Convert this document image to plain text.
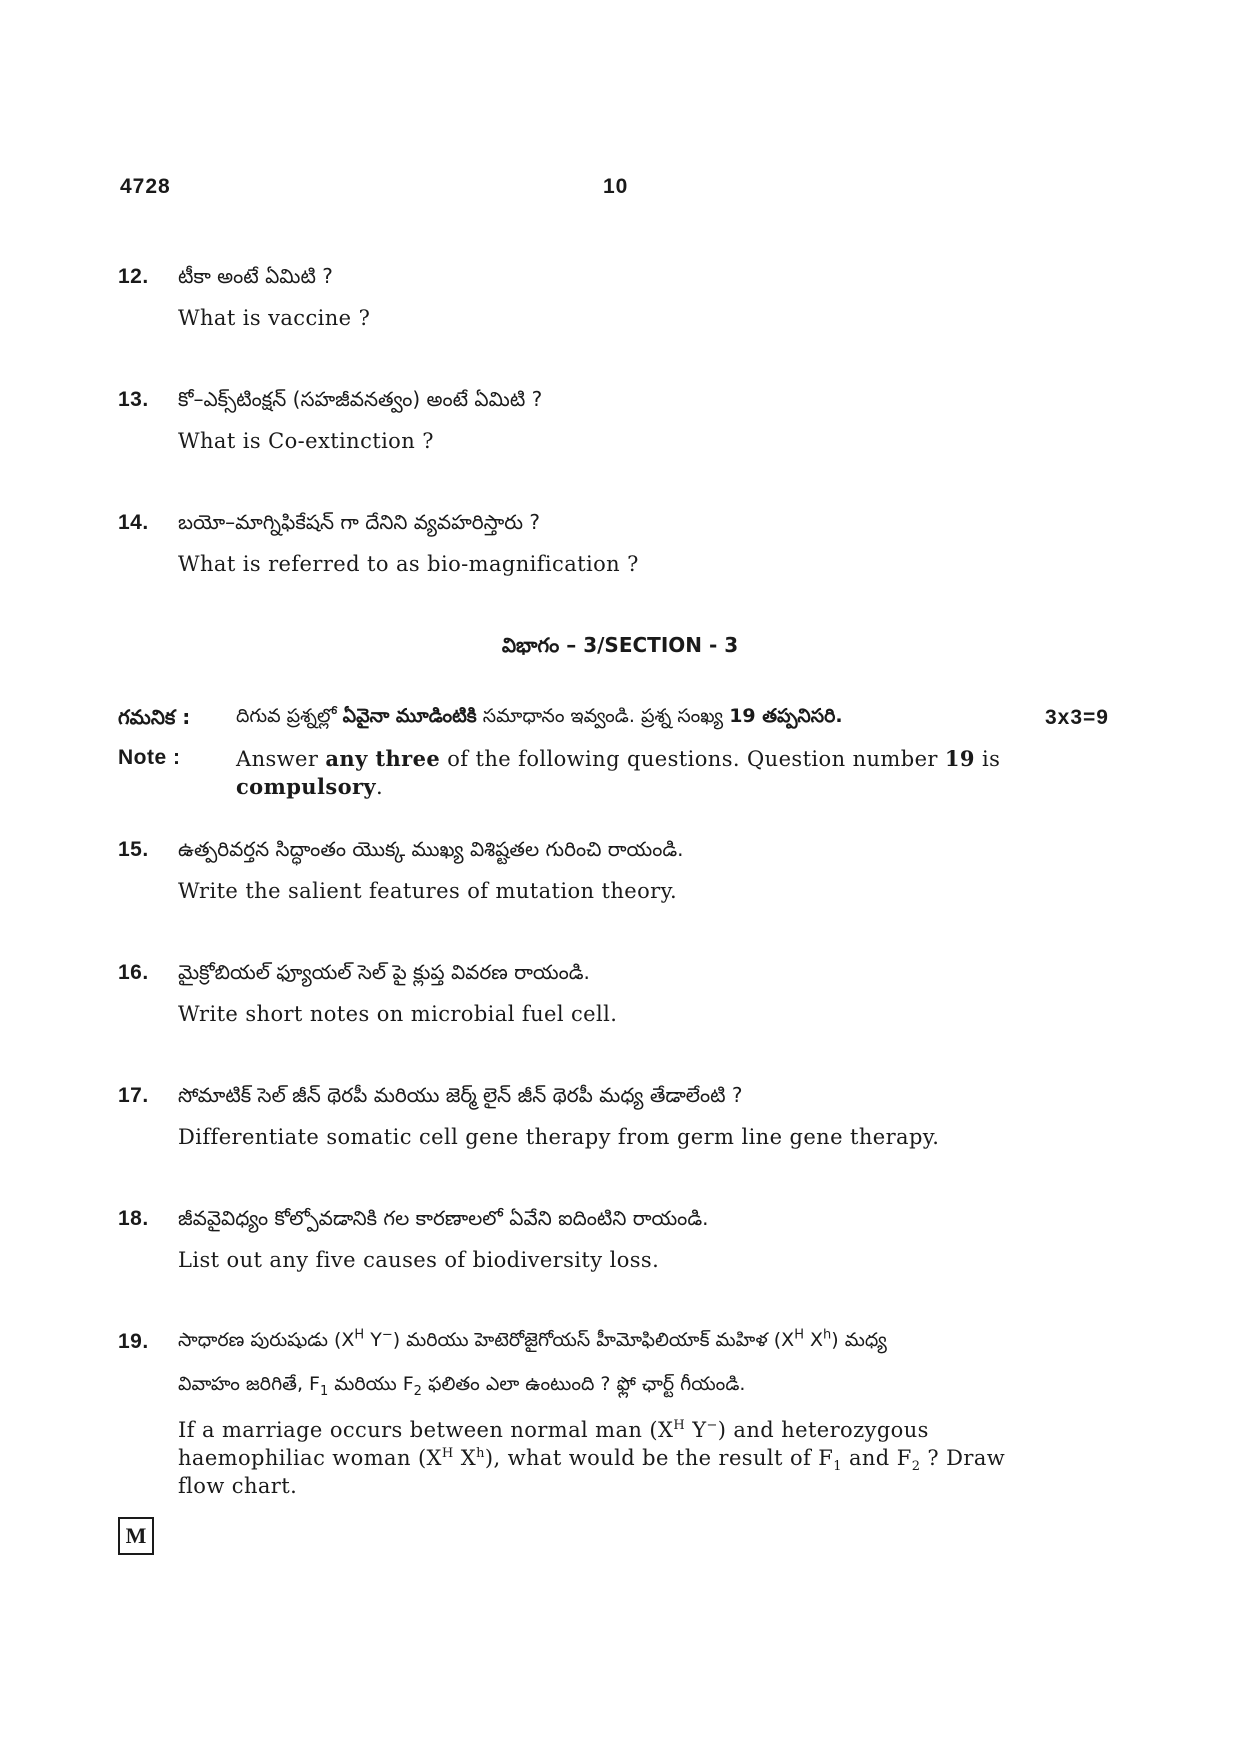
4728	10
12. టీకా అంటే ఏమిటి ?
What is vaccine ?
13. కో–ఎక్స్‌టింక్షన్ (సహజీవనత్వం) అంటే ఏమిటి ?
What is Co-extinction ?
14. బయో–మాగ్నిఫికేషన్ గా దేనిని వ్యవహరిస్తారు ?
What is referred to as bio-magnification ?
విభాగం – 3/SECTION - 3
గమనిక : దిగువ ప్రశ్నల్లో ఏవైనా మూడింటికి సమాధానం ఇవ్వండి. ప్రశ్న సంఖ్య 19 తప్పనిసరి.	3x3=9
Note :	Answer any three of the following questions. Question number 19 is
compulsory.
15. ఉత్పరివర్తన సిద్ధాంతం యొక్క ముఖ్య విశిష్టతల గురించి రాయండి.
Write the salient features of mutation theory.
16. మైక్రోబియల్ ఫ్యూయల్ సెల్ పై క్లుప్త వివరణ రాయండి.
Write short notes on microbial fuel cell.
17. సోమాటిక్ సెల్ జీన్ థెరపీ మరియు జెర్మ్ లైన్ జీన్ థెరపీ మధ్య తేడాలేంటి ?
Differentiate somatic cell gene therapy from germ line gene therapy.
18. జీవవైవిధ్యం కోల్పోవడానికి గల కారణాలలో ఏవేని ఐదింటిని రాయండి.
List out any five causes of biodiversity loss.
19. సాధారణ పురుషుడు ($X^H$ Y−) మరియు హెటెరోజైగోయస్ హీమోఫిలియాక్ మహిళ ($X^H$ $X^h$) మధ్య
వివాహం జరిగితే, $F_1$ మరియు $F_2$ ఫలితం ఎలా ఉంటుంది ? ఫ్లో ఛార్ట్ గీయండి.
If a marriage occurs between normal man ($X^H$ Y−) and heterozygous
haemophiliac woman ($X^H$ $X^h$), what would be the result of $F_1$ and $F_2$ ? Draw
flow chart.
M
